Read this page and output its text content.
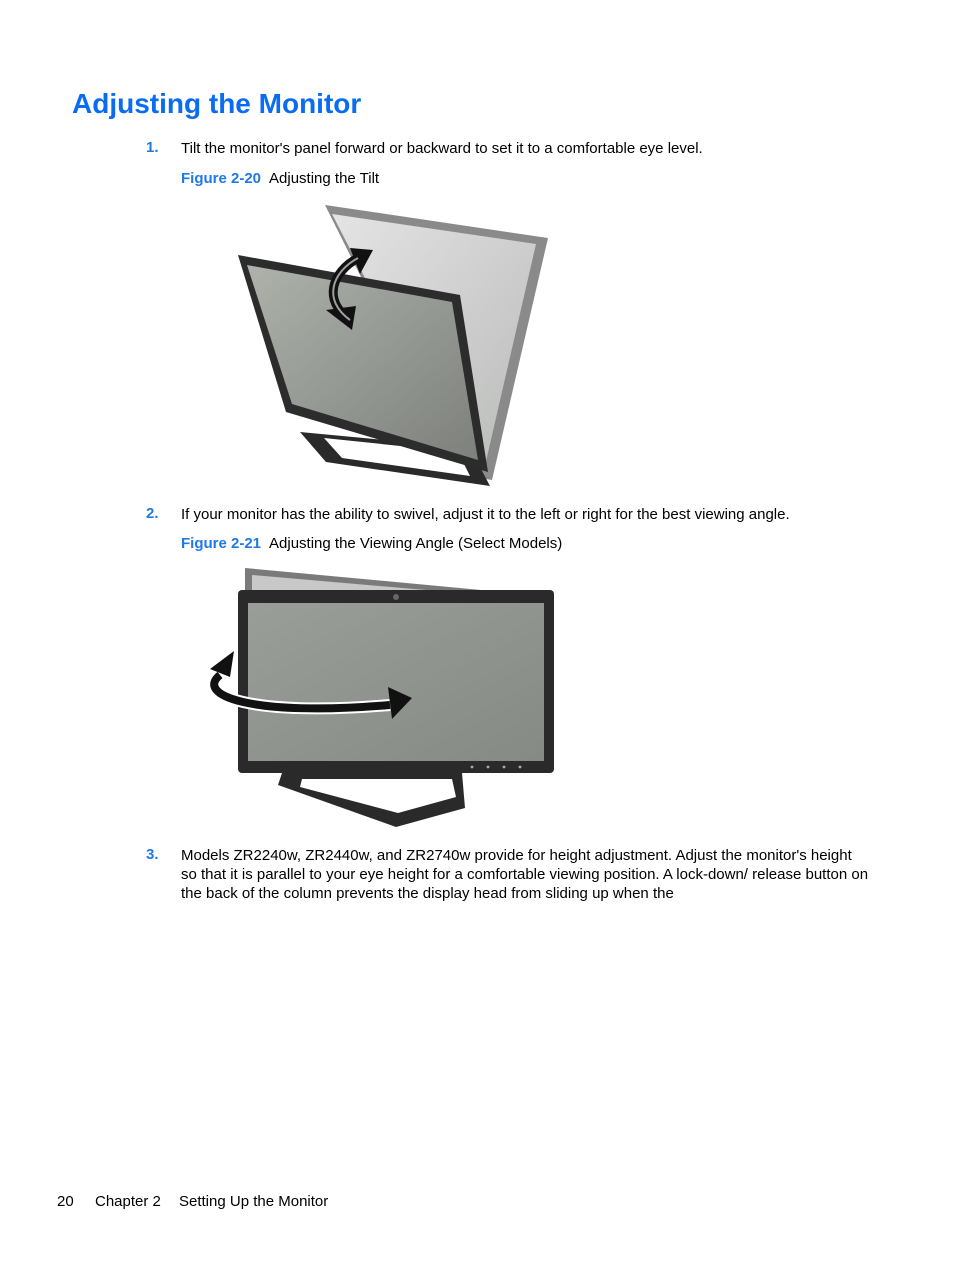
Adjusting the Monitor
1. Tilt the monitor's panel forward or backward to set it to a comfortable eye level.

Figure 2-20 Adjusting the Tilt
2. If your monitor has the ability to swivel, adjust it to the left or right for the best viewing angle.

Figure 2-21 Adjusting the Viewing Angle (Select Models)
3. Models ZR2240w, ZR2440w, and ZR2740w provide for height adjustment. Adjust the monitor's height so that it is parallel to your eye height for a comfortable viewing position. A lock-down/ release button on the back of the column prevents the display head from sliding up when the

20 Chapter 2 Setting Up the Monitor
